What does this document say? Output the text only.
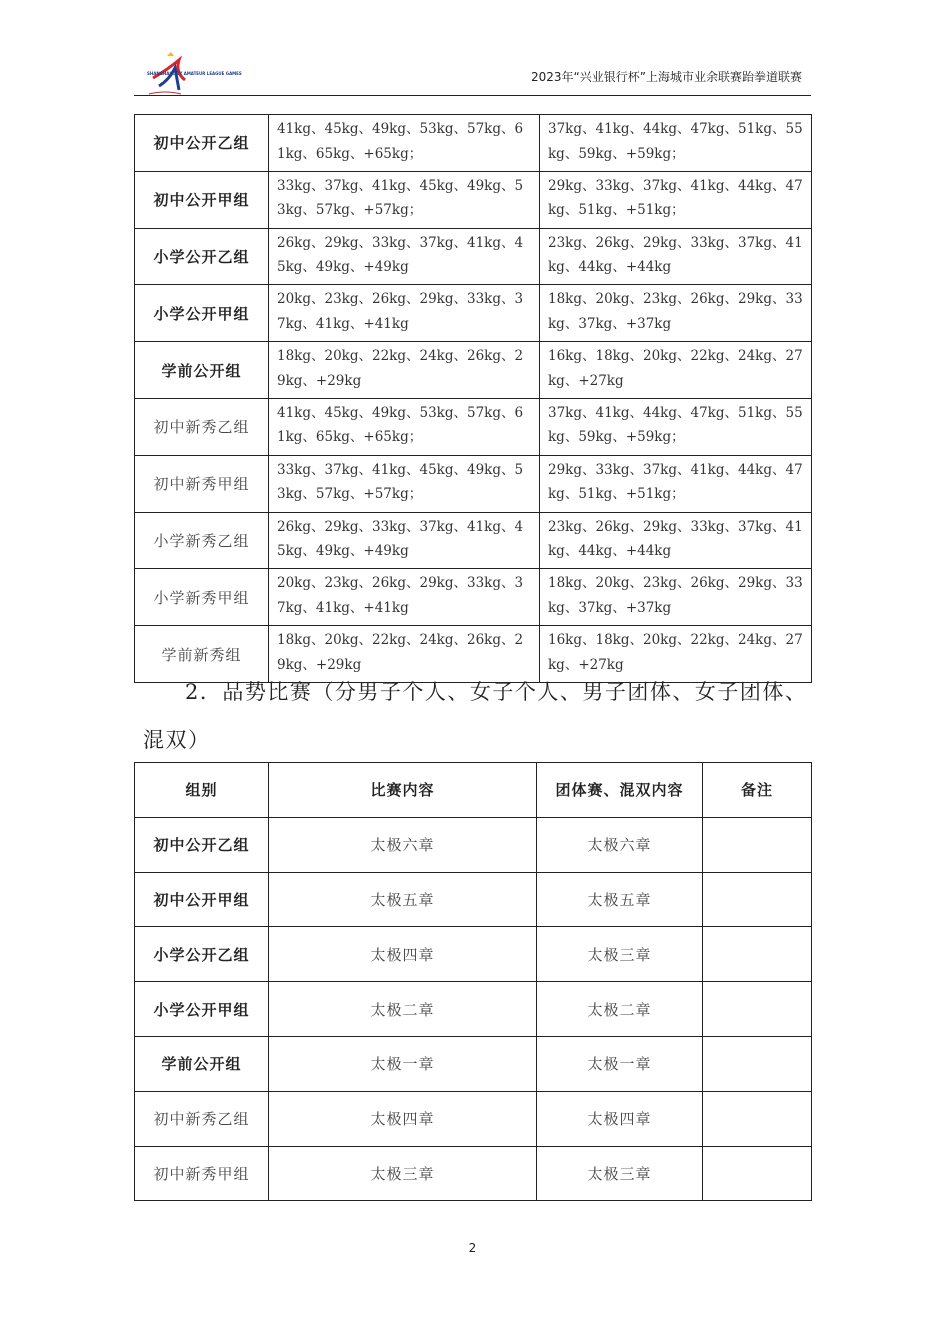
SHANGHAI CITY AMATEUR LEAGUE GAMES	2023年“兴业银行杯”上海城市业余联赛跆拳道联赛
初中公开乙组	41kg、45kg、49kg、53kg、57kg、61kg、65kg、+65kg；	37kg、41kg、44kg、47kg、51kg、55kg、59kg、+59kg；
初中公开甲组	33kg、37kg、41kg、45kg、49kg、53kg、57kg、+57kg；	29kg、33kg、37kg、41kg、44kg、47kg、51kg、+51kg；
小学公开乙组	26kg、29kg、33kg、37kg、41kg、45kg、49kg、+49kg	23kg、26kg、29kg、33kg、37kg、41kg、44kg、+44kg
小学公开甲组	20kg、23kg、26kg、29kg、33kg、37kg、41kg、+41kg	18kg、20kg、23kg、26kg、29kg、33kg、37kg、+37kg
学前公开组	18kg、20kg、22kg、24kg、26kg、29kg、+29kg	16kg、18kg、20kg、22kg、24kg、27kg、+27kg
初中新秀乙组	41kg、45kg、49kg、53kg、57kg、61kg、65kg、+65kg；	37kg、41kg、44kg、47kg、51kg、55kg、59kg、+59kg；
初中新秀甲组	33kg、37kg、41kg、45kg、49kg、53kg、57kg、+57kg；	29kg、33kg、37kg、41kg、44kg、47kg、51kg、+51kg；
小学新秀乙组	26kg、29kg、33kg、37kg、41kg、45kg、49kg、+49kg	23kg、26kg、29kg、33kg、37kg、41kg、44kg、+44kg
小学新秀甲组	20kg、23kg、26kg、29kg、33kg、37kg、41kg、+41kg	18kg、20kg、23kg、26kg、29kg、33kg、37kg、+37kg
学前新秀组	18kg、20kg、22kg、24kg、26kg、29kg、+29kg	16kg、18kg、20kg、22kg、24kg、27kg、+27kg
2．品势比赛（分男子个人、女子个人、男子团体、女子团体、
混双）
组别	比赛内容	团体赛、混双内容	备注
初中公开乙组	太极六章	太极六章	
初中公开甲组	太极五章	太极五章	
小学公开乙组	太极四章	太极三章	
小学公开甲组	太极二章	太极二章	
学前公开组	太极一章	太极一章	
初中新秀乙组	太极四章	太极四章	
初中新秀甲组	太极三章	太极三章	
2
